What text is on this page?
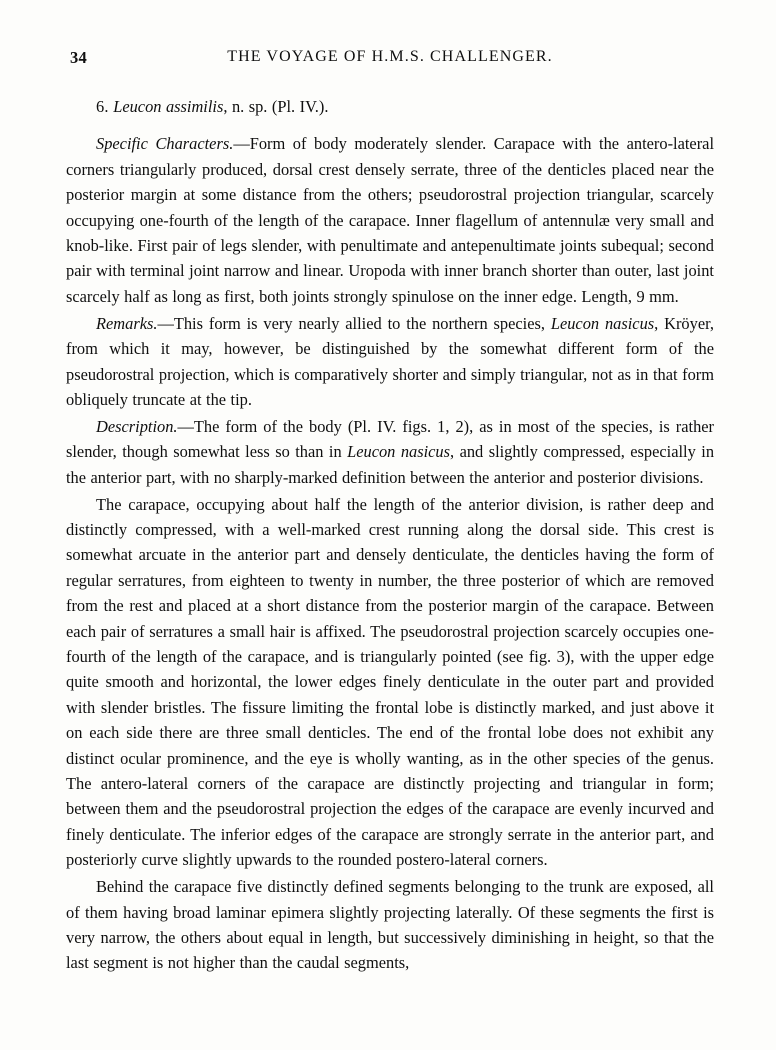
34	THE VOYAGE OF H.M.S. CHALLENGER.

6. Leucon assimilis, n. sp. (Pl. IV.).

Specific Characters.—Form of body moderately slender. Carapace with the antero-lateral corners triangularly produced, dorsal crest densely serrate, three of the denticles placed near the posterior margin at some distance from the others; pseudorostral projection triangular, scarcely occupying one-fourth of the length of the carapace. Inner flagellum of antennulæ very small and knob-like. First pair of legs slender, with penultimate and antepenultimate joints subequal; second pair with terminal joint narrow and linear. Uropoda with inner branch shorter than outer, last joint scarcely half as long as first, both joints strongly spinulose on the inner edge. Length, 9 mm.

Remarks.—This form is very nearly allied to the northern species, Leucon nasicus, Kröyer, from which it may, however, be distinguished by the somewhat different form of the pseudorostral projection, which is comparatively shorter and simply triangular, not as in that form obliquely truncate at the tip.

Description.—The form of the body (Pl. IV. figs. 1, 2), as in most of the species, is rather slender, though somewhat less so than in Leucon nasicus, and slightly compressed, especially in the anterior part, with no sharply-marked definition between the anterior and posterior divisions.

The carapace, occupying about half the length of the anterior division, is rather deep and distinctly compressed, with a well-marked crest running along the dorsal side. This crest is somewhat arcuate in the anterior part and densely denticulate, the denticles having the form of regular serratures, from eighteen to twenty in number, the three posterior of which are removed from the rest and placed at a short distance from the posterior margin of the carapace. Between each pair of serratures a small hair is affixed. The pseudorostral projection scarcely occupies one-fourth of the length of the carapace, and is triangularly pointed (see fig. 3), with the upper edge quite smooth and horizontal, the lower edges finely denticulate in the outer part and provided with slender bristles. The fissure limiting the frontal lobe is distinctly marked, and just above it on each side there are three small denticles. The end of the frontal lobe does not exhibit any distinct ocular prominence, and the eye is wholly wanting, as in the other species of the genus. The antero-lateral corners of the carapace are distinctly projecting and triangular in form; between them and the pseudorostral projection the edges of the carapace are evenly incurved and finely denticulate. The inferior edges of the carapace are strongly serrate in the anterior part, and posteriorly curve slightly upwards to the rounded postero-lateral corners.

Behind the carapace five distinctly defined segments belonging to the trunk are exposed, all of them having broad laminar epimera slightly projecting laterally. Of these segments the first is very narrow, the others about equal in length, but successively diminishing in height, so that the last segment is not higher than the caudal segments,
